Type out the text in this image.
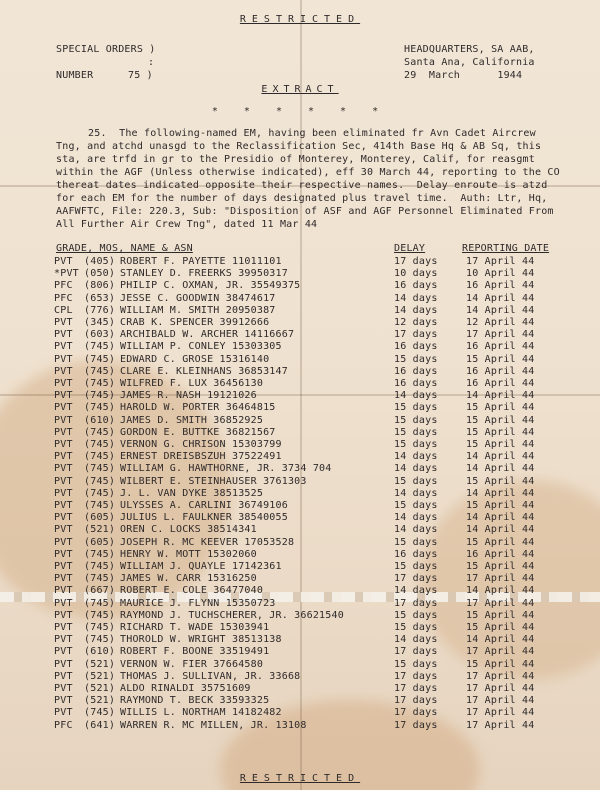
RESTRICTED
SPECIAL ORDERS )
:
NUMBER	75 )
HEADQUARTERS, SA AAB,
Santa Ana, California
29 March	1944
EXTRACT
* * * * * *
25.  The following-named EM, having been eliminated fr Avn Cadet Aircrew
Tng, and atchd unasgd to the Reclassification Sec, 414th Base Hq & AB Sq, this
sta, are trfd in gr to the Presidio of Monterey, Monterey, Calif, for reasgmt
within the AGF (Unless otherwise indicated), eff 30 March 44, reporting to the CO
thereat dates indicated opposite their respective names.  Delay enroute is atzd
for each EM for the number of days designated plus travel time.  Auth: Ltr, Hq,
AAFWFTC, File: 220.3, Sub: "Disposition of ASF and AGF Personnel Eliminated From
All Further Air Crew Tng", dated 11 Mar 44
GRADE, MOS, NAME & ASN	DELAY	REPORTING DATE
PVT (405) ROBERT F. PAYETTE 11011101	17 days	17 April 44
*PVT (050) STANLEY D. FREERKS 39950317	10 days	10 April 44
PFC (806) PHILIP C. OXMAN, JR. 35549375	16 days	16 April 44
PFC (653) JESSE C. GOODWIN 38474617	14 days	14 April 44
CPL (776) WILLIAM M. SMITH 20950387	14 days	14 April 44
PVT (345) CRAB K. SPENCER 39912666	12 days	12 April 44
PVT (603) ARCHIBALD W. ARCHER 14116667	17 days	17 April 44
PVT (745) WILLIAM P. CONLEY 15303305	16 days	16 April 44
PVT (745) EDWARD C. GROSE 15316140	15 days	15 April 44
PVT (745) CLARE E. KLEINHANS 36853147	16 days	16 April 44
PVT (745) WILFRED F. LUX 36456130	16 days	16 April 44
PVT (745) JAMES R. NASH 19121026	14 days	14 April 44
PVT (745) HAROLD W. PORTER 36464815	15 days	15 April 44
PVT (610) JAMES D. SMITH 36852925	15 days	15 April 44
PVT (745) GORDON E. BUTTKE 36821567	15 days	15 April 44
PVT (745) VERNON G. CHRISON 15303799	15 days	15 April 44
PVT (745) ERNEST DREISBSZUH 37522491	14 days	14 April 44
PVT (745) WILLIAM G. HAWTHORNE, JR. 3734 704	14 days	14 April 44
PVT (745) WILBERT E. STEINHAUSER 3761303	15 days	15 April 44
PVT (745) J. L. VAN DYKE 38513525	14 days	14 April 44
PVT (745) ULYSSES A. CARLINI 36749106	15 days	15 April 44
PVT (605) JULIUS L. FAULKNER 38540055	14 days	14 April 44
PVT (521) OREN C. LOCKS 38514341	14 days	14 April 44
PVT (605) JOSEPH R. MC KEEVER 17053528	15 days	15 April 44
PVT (745) HENRY W. MOTT 15302060	16 days	16 April 44
PVT (745) WILLIAM J. QUAYLE 17142361	15 days	15 April 44
PVT (745) JAMES W. CARR 15316250	17 days	17 April 44
PVT (667) ROBERT E. COLE 36477040	14 days	14 April 44
PVT (745) MAURICE J. FLYNN 15350723	17 days	17 April 44
PVT (745) RAYMOND J. TUCHSCHERER, JR. 36621540	15 days	15 April 44
PVT (745) RICHARD T. WADE 15303941	15 days	15 April 44
PVT (745) THOROLD W. WRIGHT 38513138	14 days	14 April 44
PVT (610) ROBERT F. BOONE 33519491	17 days	17 April 44
PVT (521) VERNON W. FIER 37664580	15 days	15 April 44
PVT (521) THOMAS J. SULLIVAN, JR. 33668	17 days	17 April 44
PVT (521) ALDO RINALDI 35751609	17 days	17 April 44
PVT (521) RAYMOND T. BECK 33593325	17 days	17 April 44
PVT (745) WILLIS L. NORTHAM 14182482	17 days	17 April 44
PFC (641) WARREN R. MC MILLEN, JR. 13108	17 days	17 April 44
RESTRICTED
